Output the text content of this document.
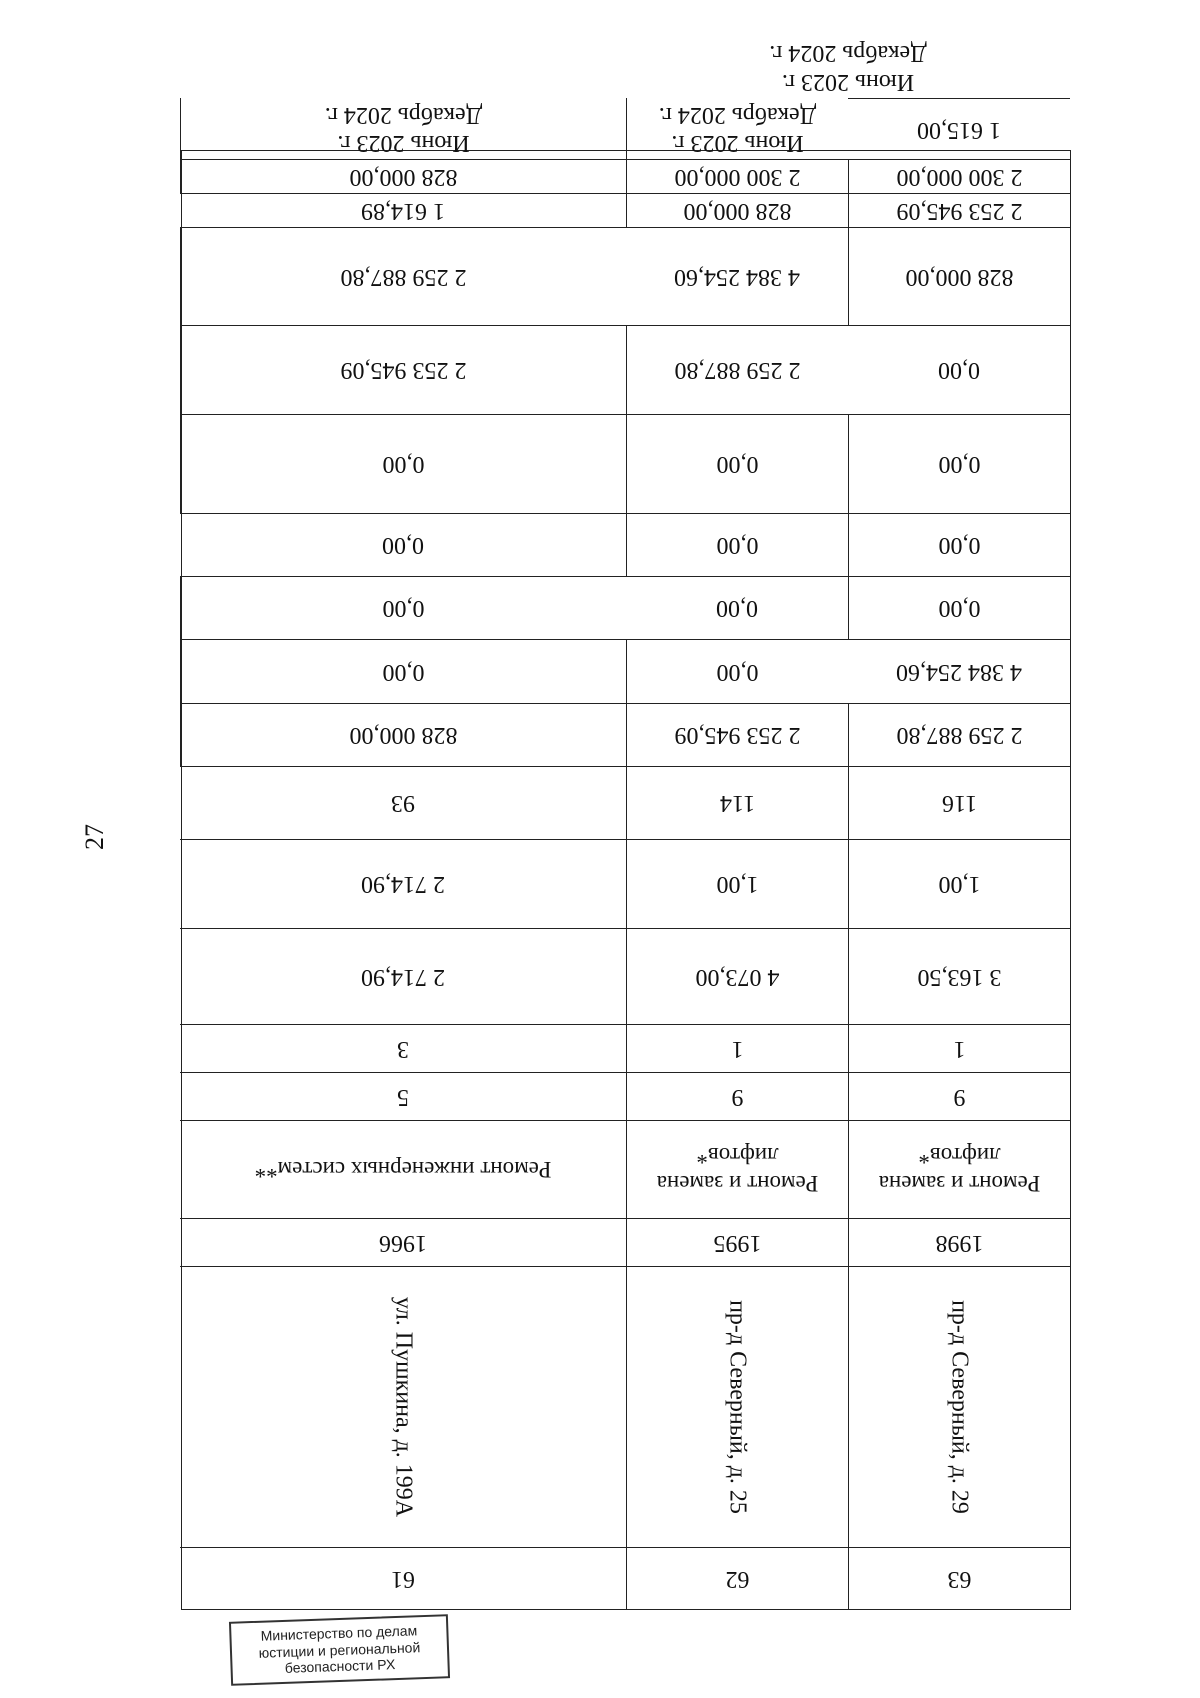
27
63
62
61
пр-д Северный, д. 29
пр-д Северный, д. 25
ул. Пушкина, д. 199А
1998
1995
1966
Ремонт и замена
лифтов*
Ремонт и замена
лифтов*
Ремонт инженерных систем**
9
9
5
1
1
3
3 163,50
4 073,00
2 714,90
1,00
1,00
2 714,90
116
114
93
2 259 887,80
2 253 945,09
828 000,00
4 384 254,60
0,00
0,00
0,00
0,00
0,00
0,00
0,00
0,00
0,00
0,00
0,00
0,00
2 259 887,80
2 253 945,09
828 000,00
4 384 254,60
2 259 887,80
2 253 945,09
828 000,00
1 614,89
2 300 000,00
2 300 000,00
828 000,00
1 615,00
Июнь 2023 г.
Декабрь 2024 г.
Июнь 2023 г.
Декабрь 2024 г.
Июнь 2023 г.
Декабрь 2024 г.
Министерство по делам
юстиции и региональной
безопасности РХ
